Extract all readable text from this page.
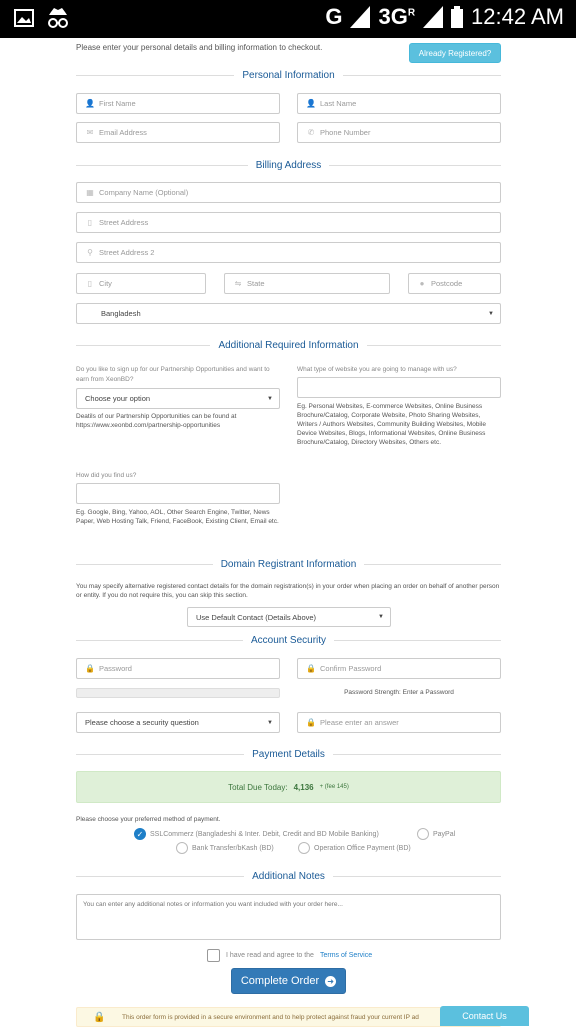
G $3G^R$	12:42 AM
Please enter your personal details and billing information to checkout.
Already Registered?
Personal Information
👤 First Name	👤 Last Name
✉ Email Address	✆ Phone Number
Billing Address
▦ Company Name (Optional)
▯ Street Address
⚲ Street Address 2
▯ City	⇋ State	● Postcode
Bangladesh	▼
Additional Required Information
Do you like to sign up for our Partnership Opportunities and want to earn from XeonBD?
Choose your option	▼
Deatils of our Partnership Opportunities can be found at https://www.xeonbd.com/partnership-opportunities
What type of website you are going to manage with us?
Eg. Personal Websites, E-commerce Websites, Online Business Brochure/Catalog, Corporate Website, Photo Sharing Websites, Writers / Authors Websites, Community Building Websites, Mobile Device Websites, Blogs, Informational Websites, Online Business Brochure/Catalog, Directory Websites, Others etc.
How did you find us?
Eg. Google, Bing, Yahoo, AOL, Other Search Engine, Twitter, News Paper, Web Hosting Talk, Friend, FaceBook, Existing Client, Email etc.
Domain Registrant Information
You may specify alternative registered contact details for the domain registration(s) in your order when placing an order on behalf of another person or entity. If you do not require this, you can skip this section.
Use Default Contact (Details Above)	▼
Account Security
🔒 Password	🔒 Confirm Password
Password Strength: Enter a Password
Please choose a security question	▼	🔒 Please enter an answer
Payment Details
Total Due Today: 4,136 + (fee 145)
Please choose your preferred method of payment.
✓ SSLCommerz (Bangladeshi & Inter. Debit, Credit and BD Mobile Banking)	PayPal
Bank Transfer/bKash (BD)	Operation Office Payment (BD)
Additional Notes
You can enter any additional notes or information you want included with your order here...
I have read and agree to the Terms of Service
Complete Order ➜
🔒	This order form is provided in a secure environment and to help protect against fraud your current IP ad	Contact Us
